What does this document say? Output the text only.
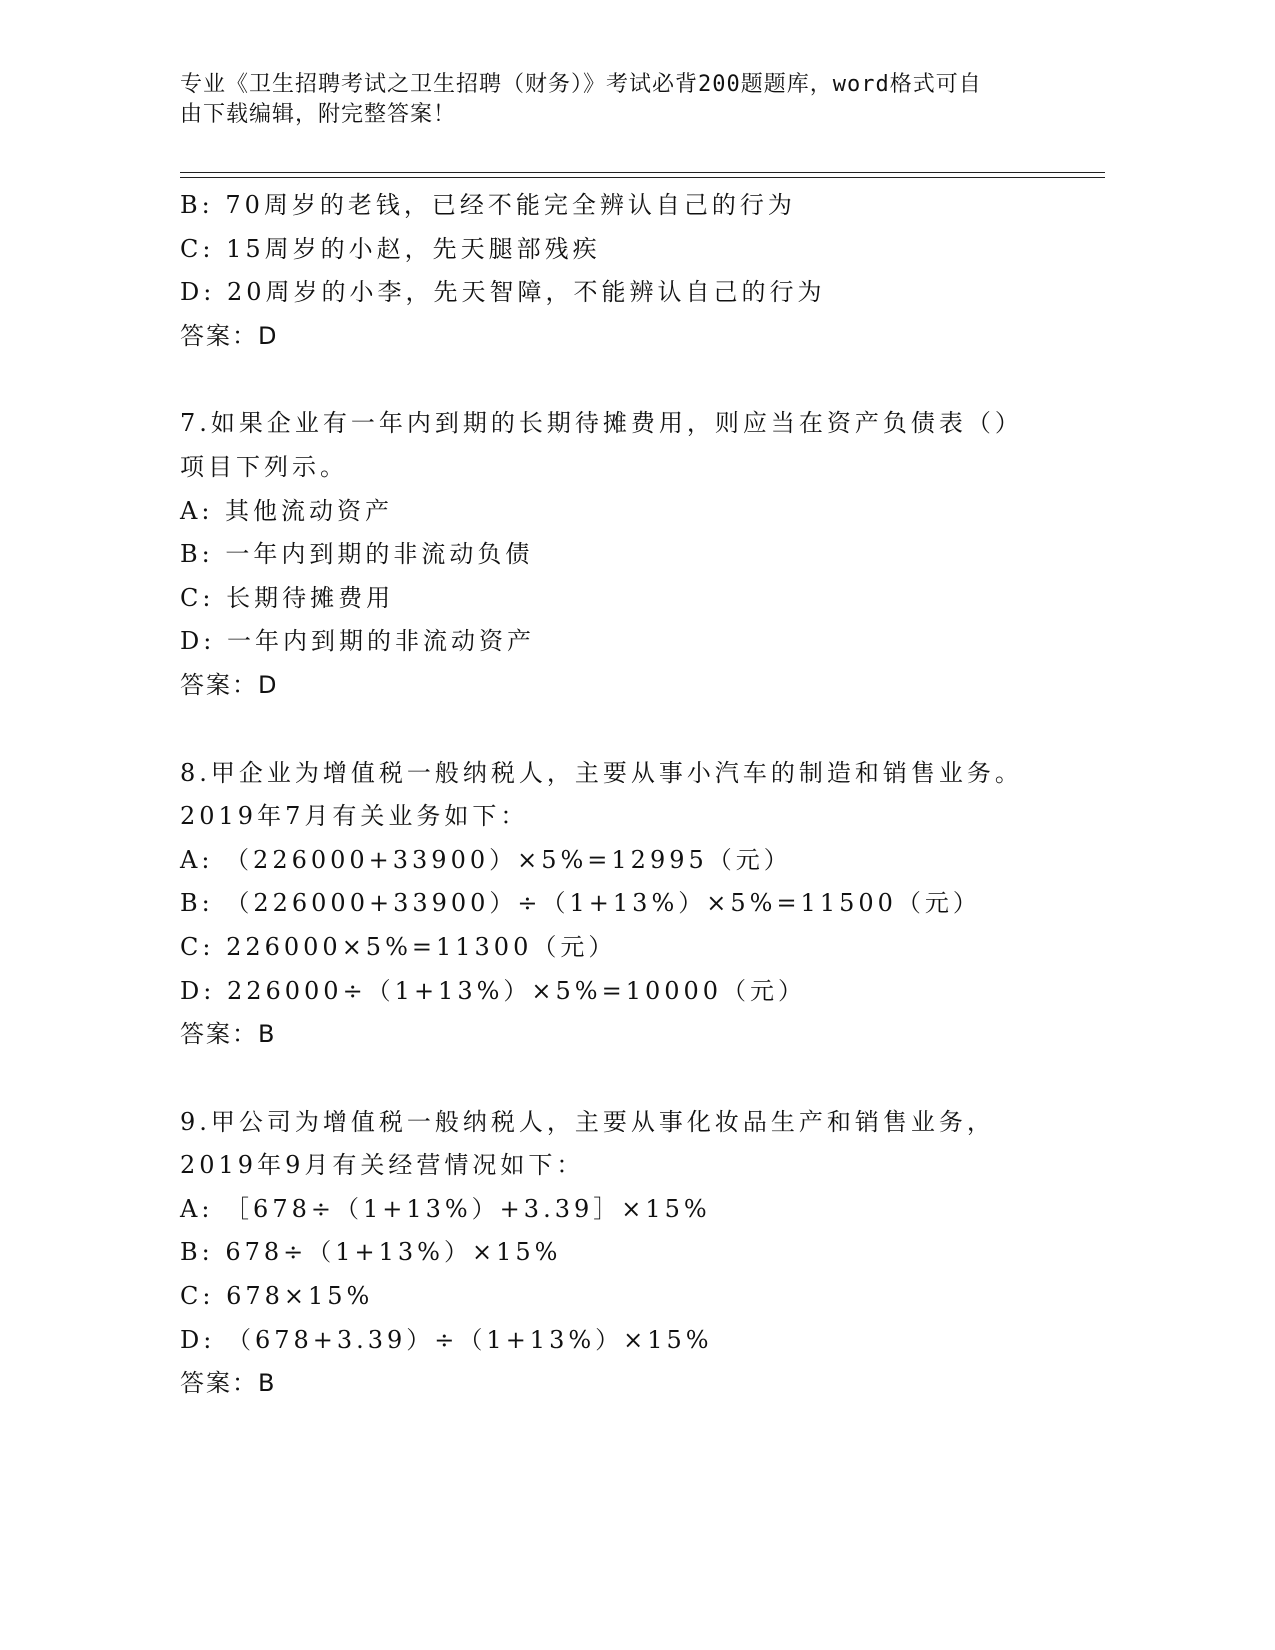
专业《卫生招聘考试之卫生招聘（财务）》考试必背200题题库，word格式可自
由下载编辑，附完整答案！
B: 70周岁的老钱，已经不能完全辨认自己的行为
C: 15周岁的小赵，先天腿部残疾
D: 20周岁的小李，先天智障，不能辨认自己的行为
答案：D
7.如果企业有一年内到期的长期待摊费用，则应当在资产负债表（）
项目下列示。
A: 其他流动资产
B: 一年内到期的非流动负债
C: 长期待摊费用
D: 一年内到期的非流动资产
答案：D
8.甲企业为增值税一般纳税人，主要从事小汽车的制造和销售业务。
2019年7月有关业务如下：
A: （226000+33900）×5%=12995（元）
B: （226000+33900）÷（1+13%）×5%=11500（元）
C: 226000×5%=11300（元）
D: 226000÷（1+13%）×5%=10000（元）
答案：B
9.甲公司为增值税一般纳税人，主要从事化妆品生产和销售业务，
2019年9月有关经营情况如下：
A: ［678÷（1+13%）+3.39］×15%
B: 678÷（1+13%）×15%
C: 678×15%
D: （678+3.39）÷（1+13%）×15%
答案：B
